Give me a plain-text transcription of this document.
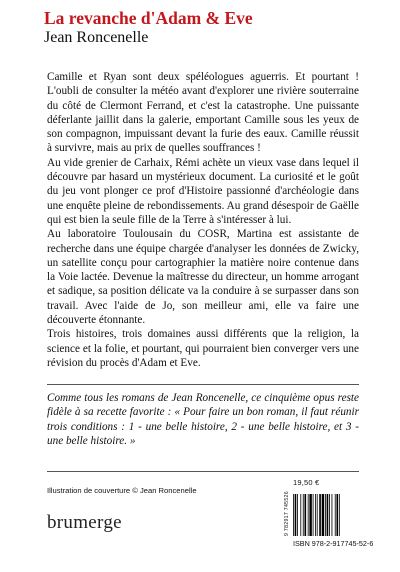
La revanche d'Adam & Eve
Jean Roncenelle

Camille et Ryan sont deux spéléologues aguerris. Et pourtant ! L'oubli de consulter la météo avant d'explorer une rivière souterraine du côté de Clermont Ferrand, et c'est la catastrophe. Une puissante déferlante jaillit dans la galerie, emportant Camille sous les yeux de son compagnon, impuissant devant la furie des eaux. Camille réussit à survivre, mais au prix de quelles souffrances !

Au vide grenier de Carhaix, Rémi achète un vieux vase dans lequel il découvre par hasard un mystérieux document. La curiosité et le goût du jeu vont plonger ce prof d'Histoire passionné d'archéologie dans une enquête pleine de rebondissements. Au grand désespoir de Gaëlle qui est bien la seule fille de la Terre à s'intéresser à lui.

Au laboratoire Toulousain du COSR, Martina est assistante de recherche dans une équipe chargée d'analyser les données de Zwicky, un satellite conçu pour cartographier la matière noire contenue dans la Voie lactée. Devenue la maîtresse du directeur, un homme arrogant et sadique, sa position délicate va la conduire à se surpasser dans son travail. Avec l'aide de Jo, son meilleur ami, elle va faire une découverte étonnante.

Trois histoires, trois domaines aussi différents que la religion, la science et la folie, et pourtant, qui pourraient bien converger vers une révision du procès d'Adam et Eve.

Comme tous les romans de Jean Roncenelle, ce cinquième opus reste fidèle à sa recette favorite : « Pour faire un bon roman, il faut réunir trois conditions : 1 - une belle histoire, 2 - une belle histoire, et 3 - une belle histoire. »
19,50 €
Illustration de couverture © Jean Roncenelle
brumerge	9 782917 745526
ISBN 978-2-917745-52-6
